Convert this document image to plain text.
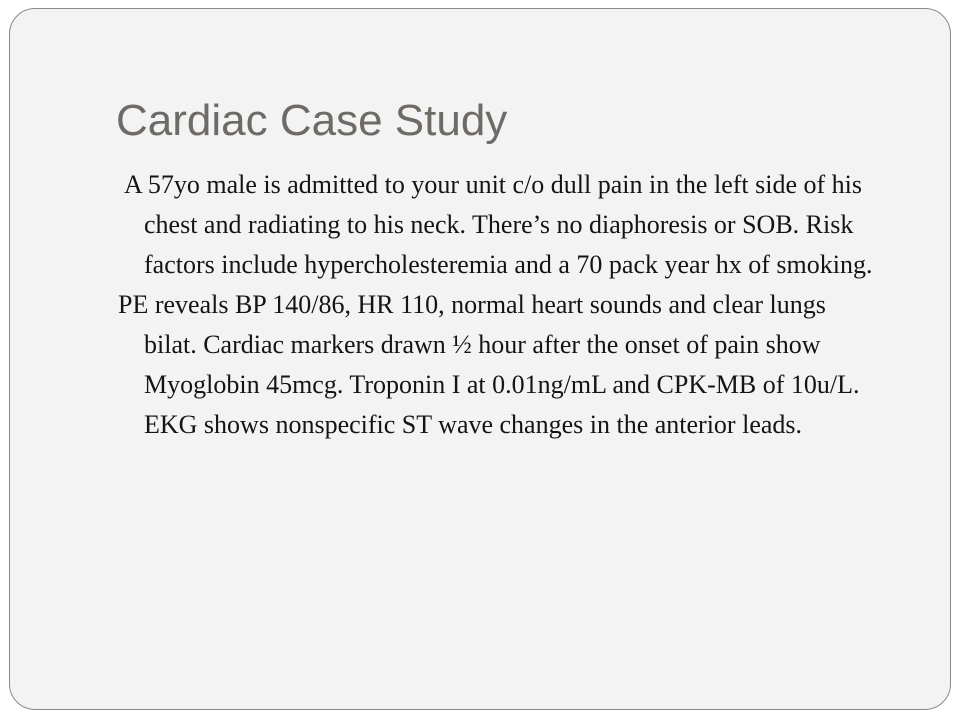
Cardiac Case Study

A 57yo male is admitted to your unit c/o dull pain in the left side of his chest and radiating to his neck. There’s no diaphoresis or SOB. Risk factors include hypercholesteremia and a 70 pack year hx of smoking.

PE reveals BP 140/86, HR 110, normal heart sounds and clear lungs bilat. Cardiac markers drawn ½ hour after the onset of pain show Myoglobin 45mcg. Troponin I at 0.01ng/mL and CPK-MB of 10u/L. EKG shows nonspecific ST wave changes in the anterior leads.
